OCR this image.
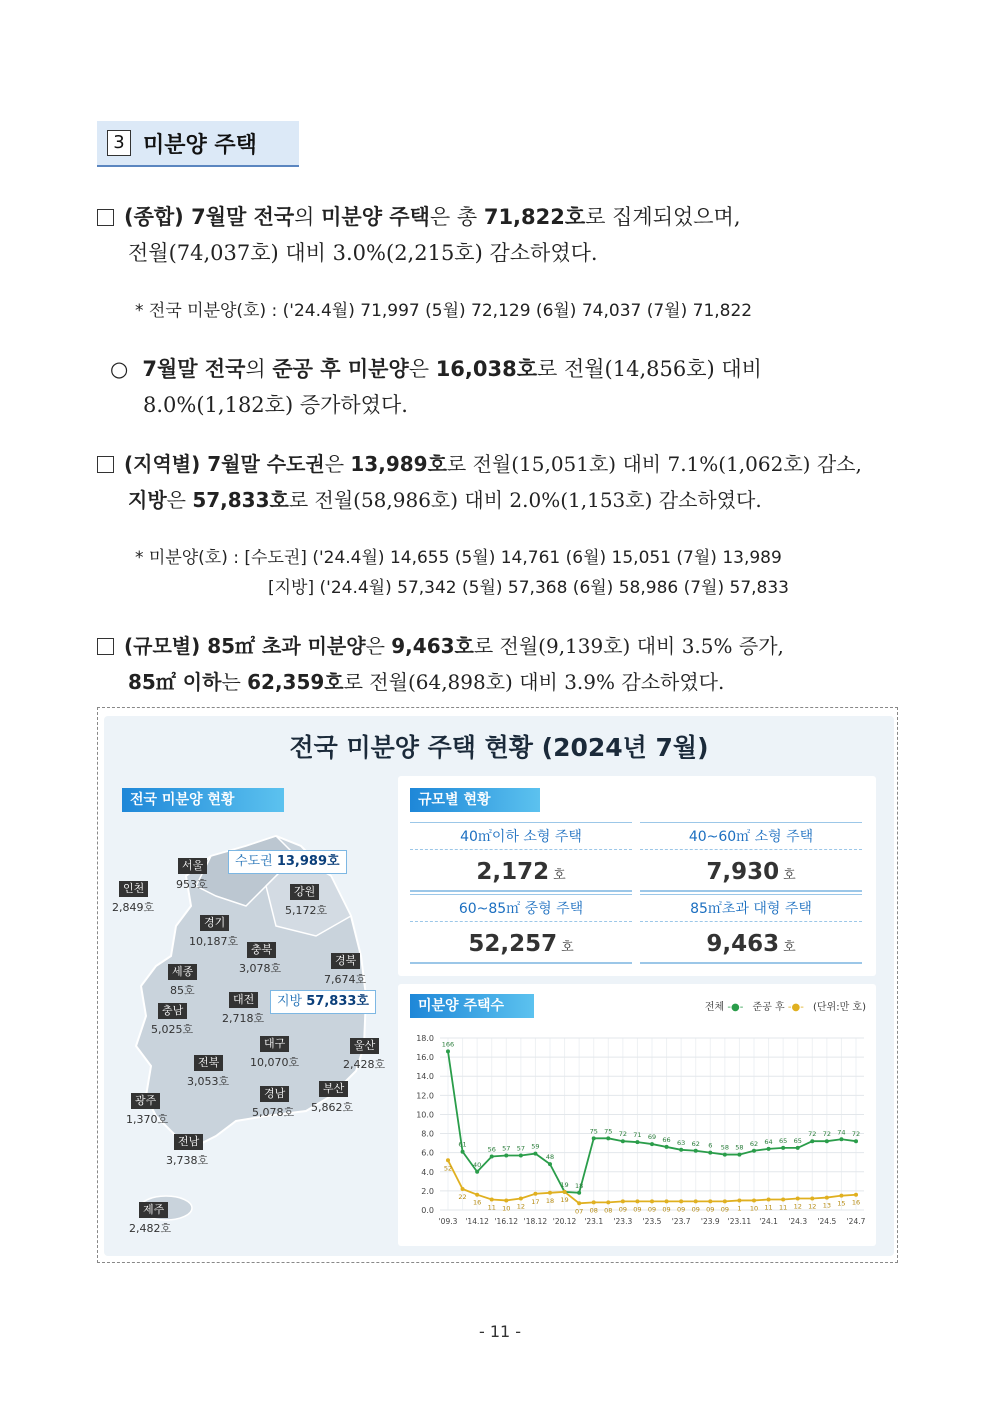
3 미분양 주택
(종합) 7월말 전국의 미분양 주택은 총 71,822호로 집계되었으며,
전월(74,037호) 대비 3.0%(2,215호) 감소하였다.
* 전국 미분양(호) : ('24.4월) 71,997 (5월) 72,129 (6월) 74,037 (7월) 71,822
○ 7월말 전국의 준공 후 미분양은 16,038호로 전월(14,856호) 대비
8.0%(1,182호) 증가하였다.
(지역별) 7월말 수도권은 13,989호로 전월(15,051호) 대비 7.1%(1,062호) 감소,
지방은 57,833호로 전월(58,986호) 대비 2.0%(1,153호) 감소하였다.
* 미분양(호) : [수도권] ('24.4월) 14,655 (5월) 14,761 (6월) 15,051 (7월) 13,989
[지방] ('24.4월) 57,342 (5월) 57,368 (6월) 58,986 (7월) 57,833
(규모별) 85㎡ 초과 미분양은 9,463호로 전월(9,139호) 대비 3.5% 증가,
85㎡ 이하는 62,359호로 전월(64,898호) 대비 3.9% 감소하였다.
전국 미분양 주택 현황 (2024년 7월)
전국 미분양 현황
서울
953호
인천
2,849호
강원
5,172호
경기
10,187호
충북
3,078호
경북
7,674호
세종
85호
대전
2,718호
충남
5,025호
대구
10,070호
울산
2,428호
전북
3,053호
경남
5,078호
부산
5,862호
광주
1,370호
전남
3,738호
제주
2,482호
수도권 13,989호
지방 57,833호
규모별 현황
40㎡이하 소형 주택
2,172 호
40~60㎡ 소형 주택
7,930 호
60~85㎡ 중형 주택
52,257 호
85㎡초과 대형 주택
9,463 호
미분양 주택수	전체 -●- 준공 후 -●- (단위:만 호)
0.0
2.0
4.0
6.0
8.0
10.0
12.0
14.0
16.0
18.0
'09.3 '14.12 '16.12 '18.12 '20.12 '23.1 '23.3 '23.5 '23.7 '23.9 '23.11 '24.1 '24.3 '24.5 '24.7
166
61
40
56 57 57 59
48
19 18
75 75 72 71 69 66 63 62 6 58 58 62 64 65 65
72 72 74 72
52
22
16
11 10 12
17 18 19
07 08 08 09 09 09 09 09 09 09 09 1 10 11 11 12 12 13 15 16
- 11 -
